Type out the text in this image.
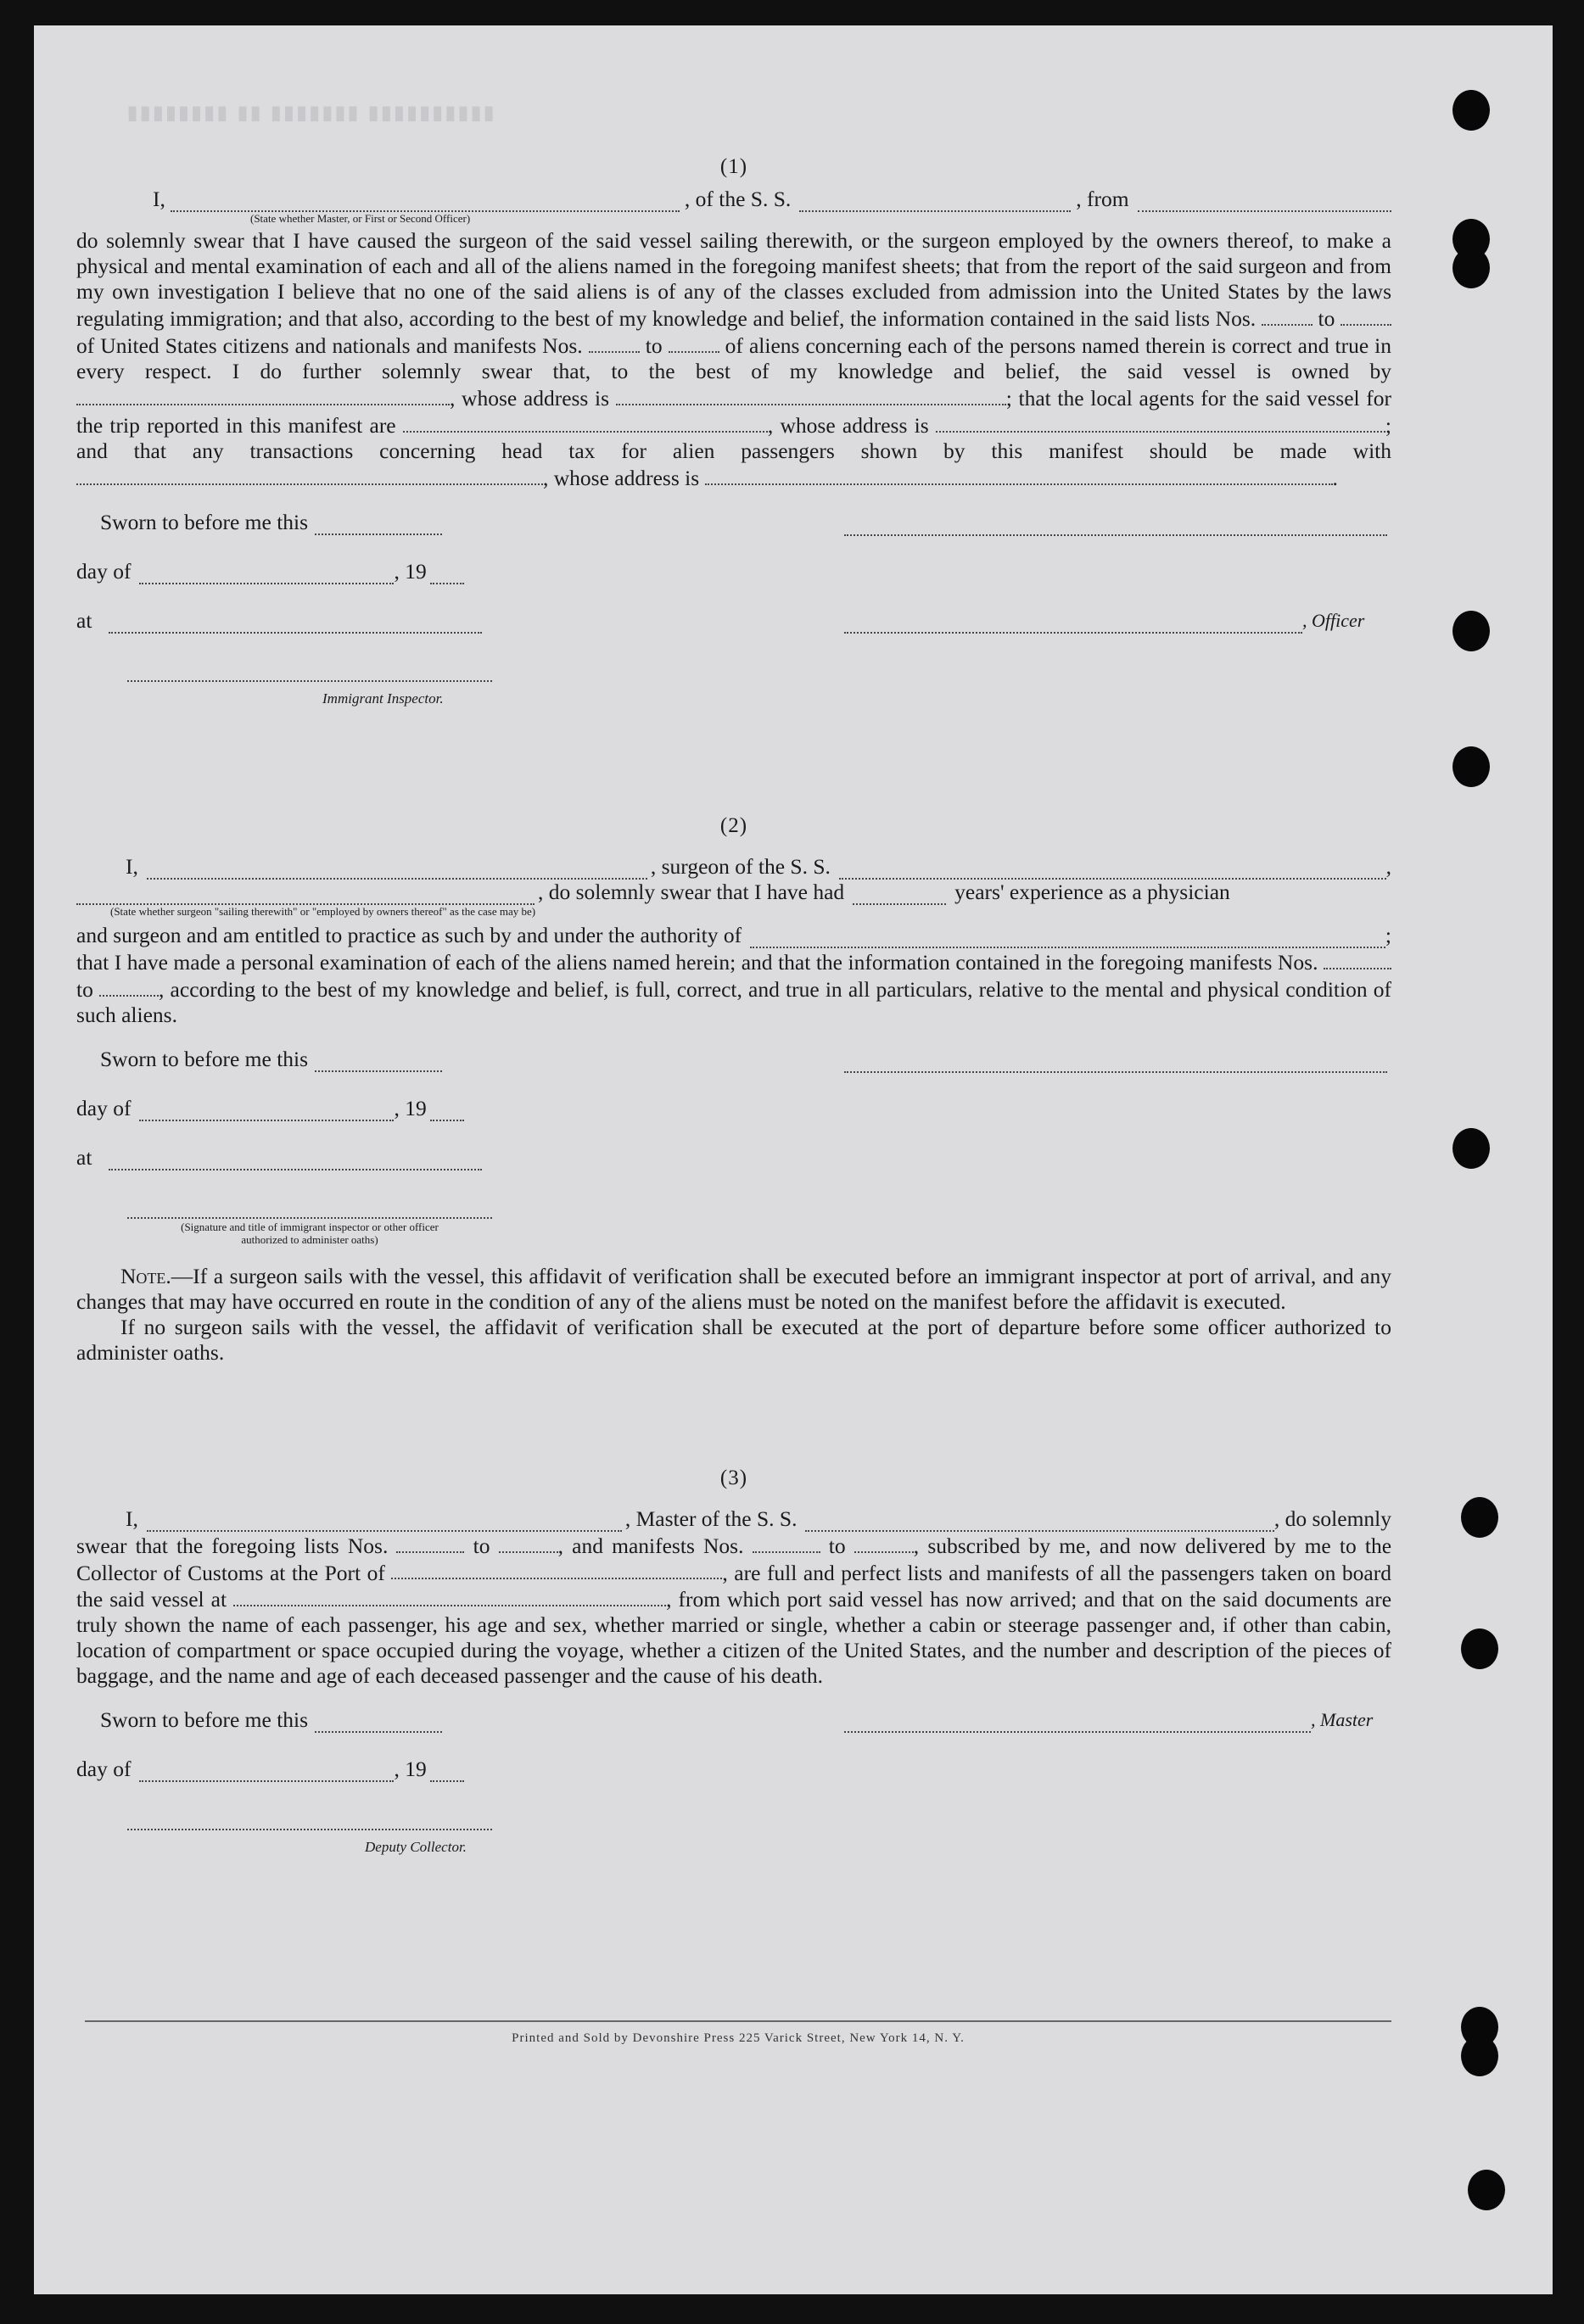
▮▮▮▮▮▮▮▮ ▮▮ ▮▮▮▮▮▮▮ ▮▮▮▮▮▮▮▮▮▮
(1)
I,	, of the S. S.	, from
(State whether Master, or First or Second Officer)
do solemnly swear that I have caused the surgeon of the said vessel sailing therewith, or the surgeon employed by the owners thereof, to make a physical and mental examination of each and all of the aliens named in the foregoing manifest sheets; that from the report of the said surgeon and from my own investigation I believe that no one of the said aliens is of any of the classes excluded from admission into the United States by the laws regulating immigration; and that also, according to the best of my knowledge and belief, the information contained in the said lists Nos.	to  of United States citizens and nationals and manifests Nos.	to	of aliens concerning each of the persons named therein is correct and true in every respect. I do further solemnly swear that, to the best of my knowledge and belief, the said vessel is owned by , whose address is	; that the local agents for the said vessel for the trip reported in this manifest are	, whose address is	; and that any transactions concerning head tax for alien passengers shown by this manifest should be made with , whose address is	.
Sworn to before me this
day of	, 19
at	, Officer
Immigrant Inspector.
(2)
I,	, surgeon of the S. S.	,
, do solemnly swear that I have had	years' experience as a physician
(State whether surgeon "sailing therewith" or "employed by owners thereof" as the case may be)
and surgeon and am entitled to practice as such by and under the authority of	;
that I have made a personal examination of each of the aliens named herein; and that the information contained in the foregoing manifests Nos.  to	, according to the best of my knowledge and belief, is full, correct, and true in all particulars, relative to the mental and physical condition of such aliens.
Sworn to before me this
day of	, 19
at
(Signature and title of immigrant inspector or other officer authorized to administer oaths)
Note.—If a surgeon sails with the vessel, this affidavit of verification shall be executed before an immigrant inspector at port of arrival, and any changes that may have occurred en route in the condition of any of the aliens must be noted on the manifest before the affidavit is executed.
If no surgeon sails with the vessel, the affidavit of verification shall be executed at the port of departure before some officer authorized to administer oaths.
(3)
I,	, Master of the S. S.	, do solemnly
swear that the foregoing lists Nos.	to	, and manifests Nos.	to	, subscribed by me, and now delivered by me to the Collector of Customs at the Port of	, are full and perfect lists and manifests of all the passengers taken on board the said vessel at	, from which port said vessel has now arrived; and that on the said documents are truly shown the name of each passenger, his age and sex, whether married or single, whether a cabin or steerage passenger and, if other than cabin, location of compartment or space occupied during the voyage, whether a citizen of the United States, and the number and description of the pieces of baggage, and the name and age of each deceased passenger and the cause of his death.
Sworn to before me this	, Master
day of	, 19
Deputy Collector.
Printed and Sold by Devonshire Press 225 Varick Street, New York 14, N. Y.
